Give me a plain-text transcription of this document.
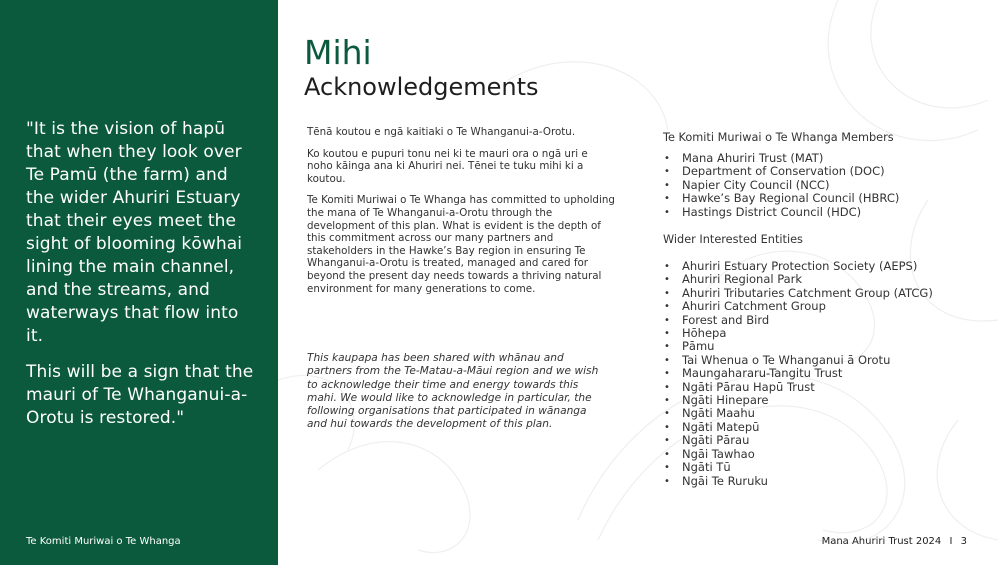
"It is the vision of hapū that when they look over Te Pamū (the farm) and the wider Ahuriri Estuary that their eyes meet the sight of blooming kōwhai lining the main channel, and the streams, and waterways that flow into it.

This will be a sign that the mauri of Te Whanganui-a-Orotu is restored."

Te Komiti Muriwai o Te Whanga
Mihi
Acknowledgements

Tēnā koutou e ngā kaitiaki o Te Whanganui-a-Orotu.

Ko koutou e pupuri tonu nei ki te mauri ora o ngā uri e noho kāinga ana ki Ahuriri nei. Tēnei te tuku mihi ki a koutou.

Te Komiti Muriwai o Te Whanga has committed to upholding the mana of Te Whanganui-a-Orotu through the development of this plan. What is evident is the depth of this commitment across our many partners and stakeholders in the Hawke’s Bay region in ensuring Te Whanganui-a-Orotu is treated, managed and cared for beyond the present day needs towards a thriving natural environment for many generations to come.

This kaupapa has been shared with whānau and partners from the Te-Matau-a-Māui region and we wish to acknowledge their time and energy towards this mahi. We would like to acknowledge in particular, the following organisations that participated in wānanga and hui towards the development of this plan.

Te Komiti Muriwai o Te Whanga Members
• Mana Ahuriri Trust (MAT)
• Department of Conservation (DOC)
• Napier City Council (NCC)
• Hawke’s Bay Regional Council (HBRC)
• Hastings District Council (HDC)
Wider Interested Entities
• Ahuriri Estuary Protection Society (AEPS)
• Ahuriri Regional Park
• Ahuriri Tributaries Catchment Group (ATCG)
• Ahuriri Catchment Group
• Forest and Bird
• Hōhepa
• Pāmu
• Tai Whenua o Te Whanganui ā Orotu
• Maungahararu-Tangitu Trust
• Ngāti Pārau Hapū Trust
• Ngāti Hinepare
• Ngāti Maahu
• Ngāti Matepū
• Ngāti Pārau
• Ngāi Tawhao
• Ngāti Tū
• Ngāi Te Ruruku
Mana Ahuriri Trust 2024 I 3
